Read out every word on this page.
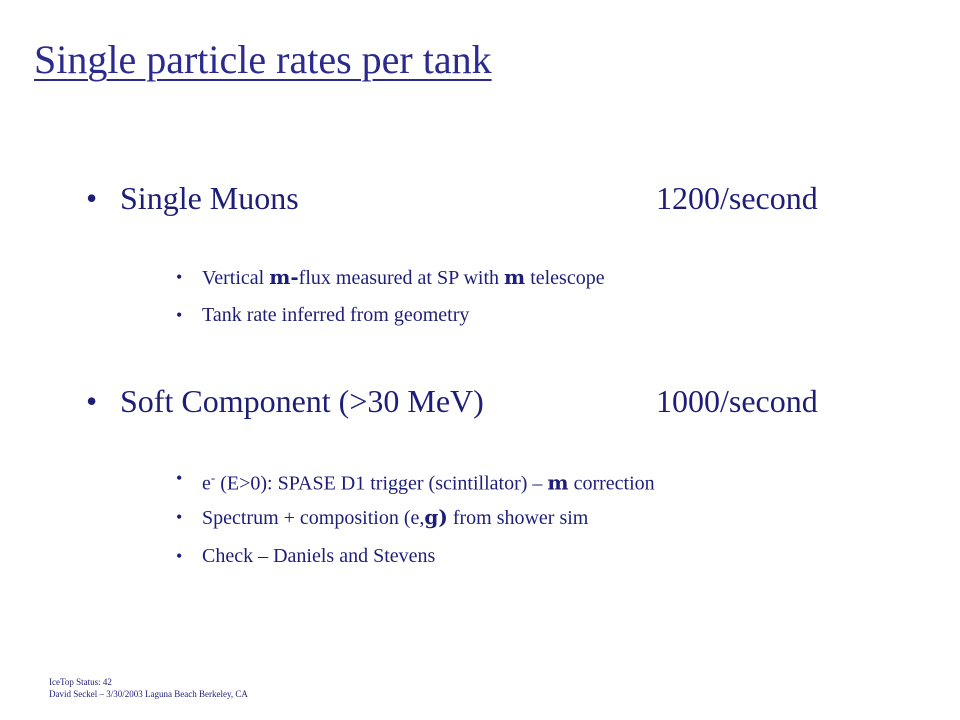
Single particle rates per tank
• Single Muons	1200/second
• Vertical m-flux measured at SP with m telescope
• Tank rate inferred from geometry
• Soft Component (>30 MeV)	1000/second
• e- (E>0): SPASE D1 trigger (scintillator) – m correction
• Spectrum + composition (e,g) from shower sim
• Check – Daniels and Stevens
IceTop Status: 42
David Seckel – 3/30/2003 Laguna Beach Berkeley, CA
